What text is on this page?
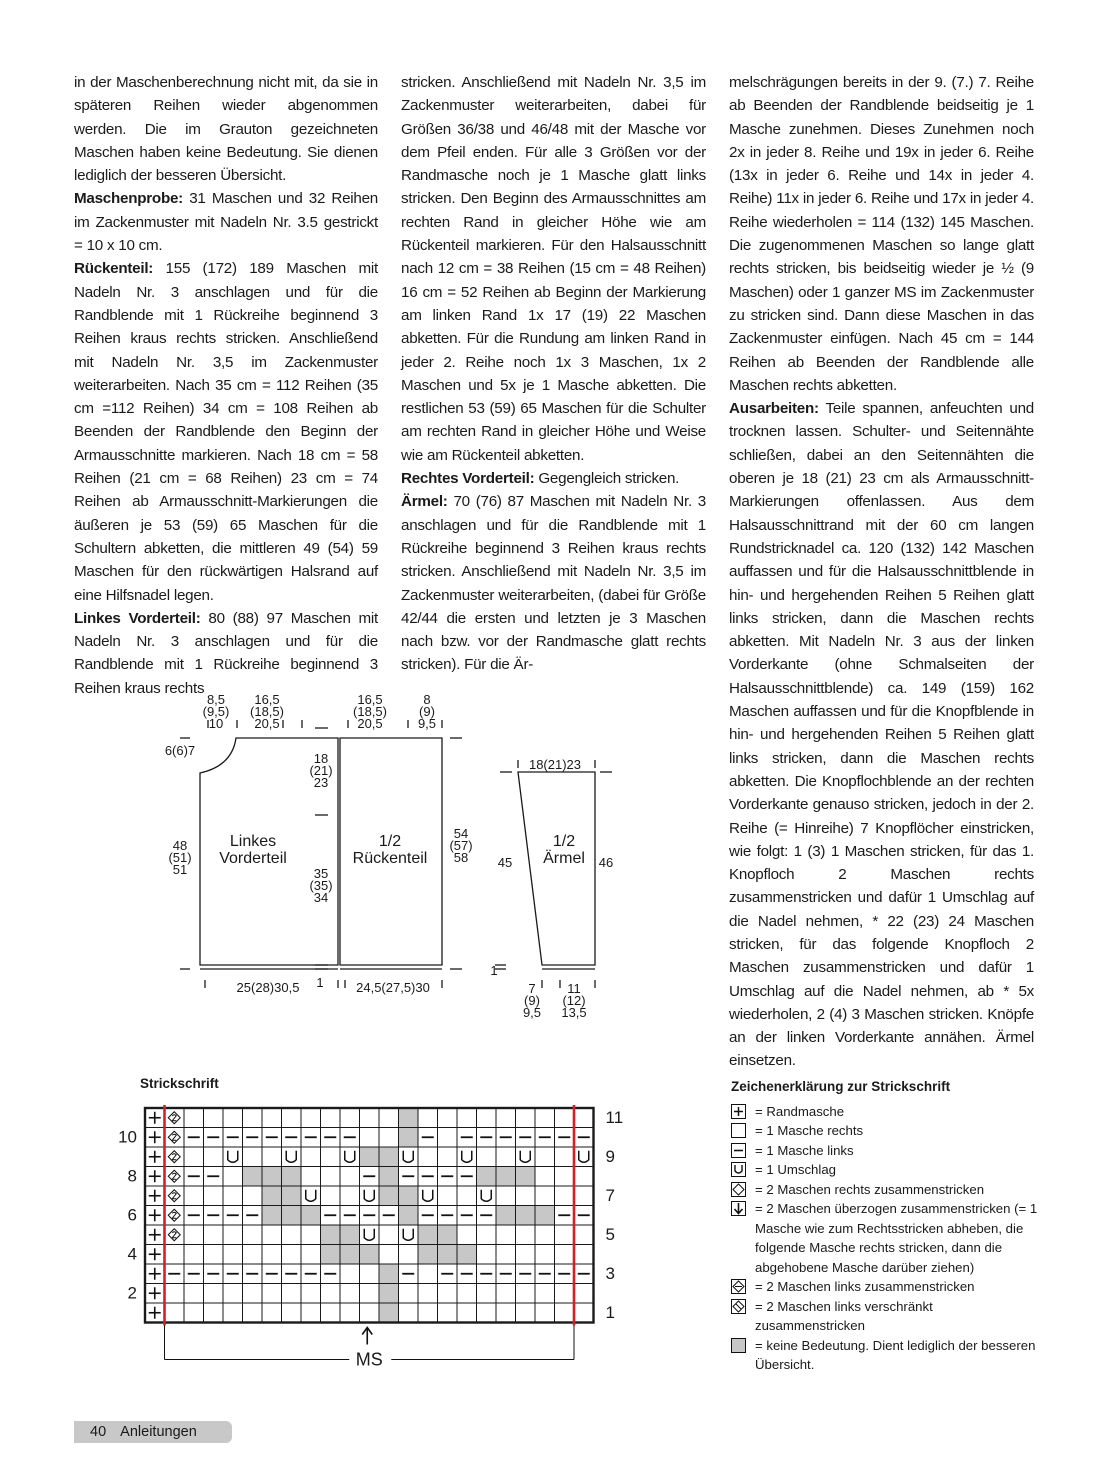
in der Maschenberechnung nicht mit, da sie in späteren Reihen wieder abgenommen werden. Die im Grauton gezeichneten Maschen haben keine Bedeutung. Sie dienen lediglich der besseren Übersicht.

Maschenprobe: 31 Maschen und 32 Reihen im Zackenmuster mit Nadeln Nr. 3.5 gestrickt = 10 x 10 cm.

Rückenteil: 155 (172) 189 Maschen mit Nadeln Nr. 3 anschlagen und für die Randblende mit 1 Rückreihe beginnend 3 Reihen kraus rechts stricken. Anschließend mit Nadeln Nr. 3,5 im Zackenmuster weiterarbeiten. Nach 35 cm = 112 Reihen (35 cm =112 Reihen) 34 cm = 108 Reihen ab Beenden der Randblende den Beginn der Armausschnitte markieren. Nach 18 cm = 58 Reihen (21 cm = 68 Reihen) 23 cm = 74 Reihen ab Armausschnitt-Markierungen die äußeren je 53 (59) 65 Maschen für die Schultern abketten, die mittleren 49 (54) 59 Maschen für den rückwärtigen Halsrand auf eine Hilfsnadel legen.

Linkes Vorderteil: 80 (88) 97 Maschen mit Nadeln Nr. 3 anschlagen und für die Randblende mit 1 Rückreihe beginnend 3 Reihen kraus rechts

stricken. Anschließend mit Nadeln Nr. 3,5 im Zackenmuster weiterarbeiten, dabei für Größen 36/38 und 46/48 mit der Masche vor dem Pfeil enden. Für alle 3 Größen vor der Randmasche noch je 1 Masche glatt links stricken. Den Beginn des Armausschnittes am rechten Rand in gleicher Höhe wie am Rückenteil markieren. Für den Halsausschnitt nach 12 cm = 38 Reihen (15 cm = 48 Reihen) 16 cm = 52 Reihen ab Beginn der Markierung am linken Rand 1x 17 (19) 22 Maschen abketten. Für die Rundung am linken Rand in jeder 2. Reihe noch 1x 3 Maschen, 1x 2 Maschen und 5x je 1 Masche abketten. Die restlichen 53 (59) 65 Maschen für die Schulter am rechten Rand in gleicher Höhe und Weise wie am Rückenteil abketten.

Rechtes Vorderteil: Gegengleich stricken.

Ärmel: 70 (76) 87 Maschen mit Nadeln Nr. 3 anschlagen und für die Randblende mit 1 Rückreihe beginnend 3 Reihen kraus rechts stricken. Anschließend mit Nadeln Nr. 3,5 im Zackenmuster weiterarbeiten, (dabei für Größe 42/44 die ersten und letzten je 3 Maschen nach bzw. vor der Randmasche glatt rechts stricken). Für die Är-

melschrägungen bereits in der 9. (7.) 7. Reihe ab Beenden der Randblende beidseitig je 1 Masche zunehmen. Dieses Zunehmen noch 2x in jeder 8. Reihe und 19x in jeder 6. Reihe (13x in jeder 6. Reihe und 14x in jeder 4. Reihe) 11x in jeder 6. Reihe und 17x in jeder 4. Reihe wiederholen = 114 (132) 145 Maschen. Die zugenommenen Maschen so lange glatt rechts stricken, bis beidseitig wieder je ½ (9 Maschen) oder 1 ganzer MS im Zackenmuster zu stricken sind. Dann diese Maschen in das Zackenmuster einfügen. Nach 45 cm = 144 Reihen ab Beenden der Randblende alle Maschen rechts abketten.

Ausarbeiten: Teile spannen, anfeuchten und trocknen lassen. Schulter- und Seitennähte schließen, dabei an den Seitennähten die oberen je 18 (21) 23 cm als Armausschnitt-Markierungen offenlassen. Aus dem Halsausschnittrand mit der 60 cm langen Rundstricknadel ca. 120 (132) 142 Maschen auffassen und für die Halsausschnittblende in hin- und hergehenden Reihen 5 Reihen glatt links stricken, dann die Maschen rechts abketten. Mit Nadeln Nr. 3 aus der linken Vorderkante (ohne Schmalseiten der Halsausschnittblende) ca. 149 (159) 162 Maschen auffassen und für die Knopfblende in hin- und hergehenden Reihen 5 Reihen glatt links stricken, dann die Maschen rechts abketten. Die Knopflochblende an der rechten Vorderkante genauso stricken, jedoch in der 2. Reihe (= Hinreihe) 7 Knopflöcher einstricken, wie folgt: 1 (3) 1 Maschen stricken, für das 1. Knopfloch 2 Maschen rechts zusammenstricken und dafür 1 Umschlag auf die Nadel nehmen, * 22 (23) 24 Maschen stricken, für das folgende Knopfloch 2 Maschen zusammenstricken und dafür 1 Umschlag auf die Nadel nehmen, ab * 5x wiederholen, 2 (4) 3 Maschen stricken. Knöpfe an der linken Vorderkante annähen. Ärmel einsetzen.

8,5
(9,5)
10
16,5
(18,5)
20,5
16,5
(18,5)
20,5
8
(9)
9,5
6(6)7
18
(21)
23
35
(35)
34
48
(51)
51
54
(57)
58
Linkes
Vorderteil
1/2
Rückenteil
25(28)30,5 1	24,5(27,5)30
18(21)23
45	46
1/2
Ärmel
1
7
(9)
9,5
11
(12)
13,5
Strickschrift
10
8
6
4
2
11
9
7
5
3
1
MS
Zeichenerklärung zur Strickschrift
= Randmasche
= 1 Masche rechts
= 1 Masche links
= 1 Umschlag
= 2 Maschen rechts zusammenstricken
= 2 Maschen überzogen zusammenstricken (= 1 Masche wie zum Rechtsstricken abheben, die folgende Masche rechts stricken, dann die abgehobene Masche darüber ziehen)
= 2 Maschen links zusammenstricken
= 2 Maschen links verschränkt zusammenstricken
= keine Bedeutung. Dient lediglich der besseren Übersicht.
40 Anleitungen
